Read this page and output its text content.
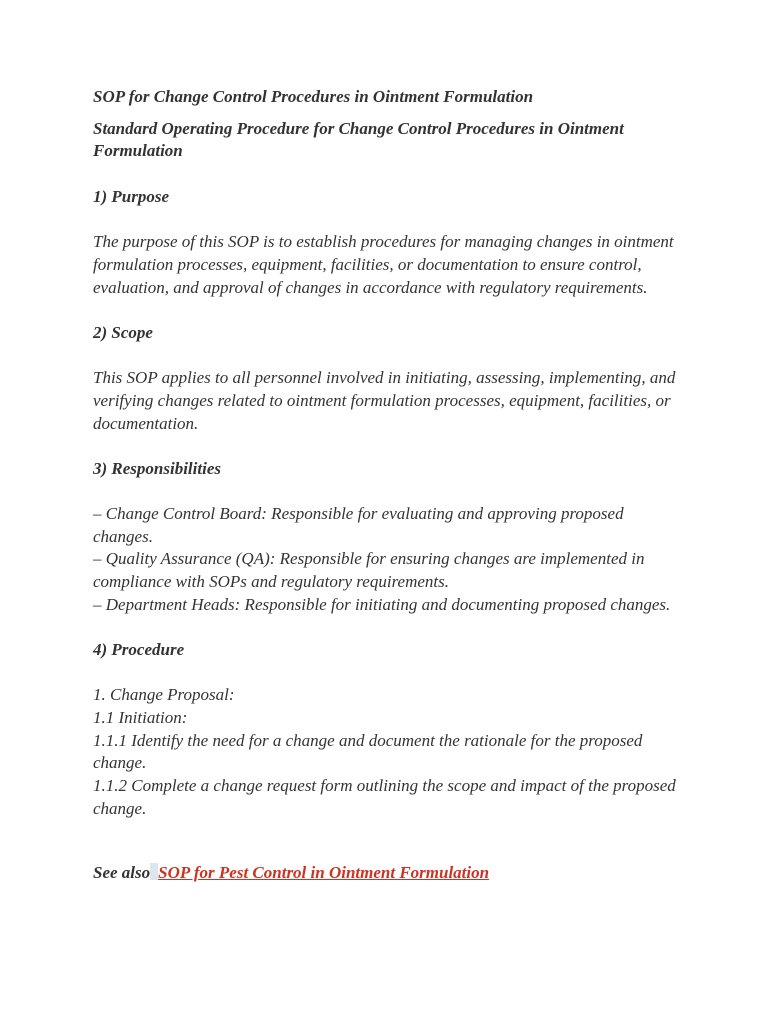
SOP for Change Control Procedures in Ointment Formulation
Standard Operating Procedure for Change Control Procedures in Ointment Formulation
1) Purpose
The purpose of this SOP is to establish procedures for managing changes in ointment formulation processes, equipment, facilities, or documentation to ensure control, evaluation, and approval of changes in accordance with regulatory requirements.
2) Scope
This SOP applies to all personnel involved in initiating, assessing, implementing, and verifying changes related to ointment formulation processes, equipment, facilities, or documentation.
3) Responsibilities
– Change Control Board: Responsible for evaluating and approving proposed changes.
– Quality Assurance (QA): Responsible for ensuring changes are implemented in compliance with SOPs and regulatory requirements.
– Department Heads: Responsible for initiating and documenting proposed changes.
4) Procedure
1. Change Proposal:
1.1 Initiation:
1.1.1 Identify the need for a change and document the rationale for the proposed change.
1.1.2 Complete a change request form outlining the scope and impact of the proposed change.
See also SOP for Pest Control in Ointment Formulation
